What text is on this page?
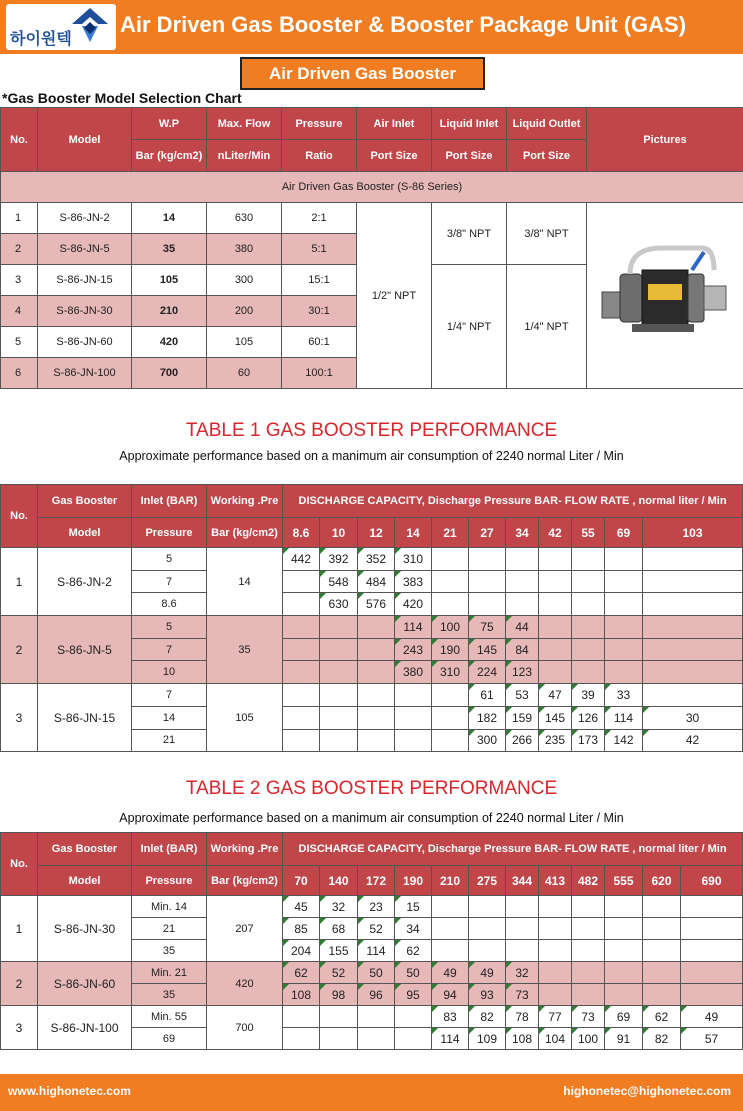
하이원텍
Air Driven Gas Booster & Booster Package Unit (GAS)
Air Driven Gas Booster
*Gas Booster Model Selection Chart
No.	Model	W.P	Max. Flow	Pressure	Air Inlet	Liquid Inlet	Liquid Outlet	Pictures
		Bar (kg/cm2)	nLiter/Min	Ratio	Port Size	Port Size	Port Size	
Air Driven Gas Booster (S-86 Series)								
1	S-86-JN-2	14	630	2:1	1/2" NPT	3/8" NPT	3/8" NPT	
2	S-86-JN-5	35	380	5:1				
3	S-86-JN-15	105	300	15:1		1/4" NPT	1/4" NPT	
4	S-86-JN-30	210	200	30:1				
5	S-86-JN-60	420	105	60:1				
6	S-86-JN-100	700	60	100:1				
TABLE 1 GAS BOOSTER PERFORMANCE
Approximate performance based on a manimum air consumption of 2240 normal Liter / Min
No.	Gas Booster	Inlet (BAR)	Working .Pre	DISCHARGE CAPACITY, Discharge Pressure BAR- FLOW RATE , normal liter / Min										
	Model	Pressure	Bar (kg/cm2)	8.6	10	12	14	21	27	34	42	55	69	103
1	S-86-JN-2	5	14	442	392	352	310							
		7			548	484	383							
		8.6			630	576	420							
2	S-86-JN-5	5	35				114	100	75	44				
		7					243	190	145	84				
		10					380	310	224	123				
3	S-86-JN-15	7	105						61	53	47	39	33	
		14							182	159	145	126	114	30
		21							300	266	235	173	142	42
TABLE 2 GAS BOOSTER PERFORMANCE
Approximate performance based on a manimum air consumption of 2240 normal Liter / Min
No.	Gas Booster	Inlet (BAR)	Working .Pre	DISCHARGE CAPACITY, Discharge Pressure BAR- FLOW RATE , normal liter / Min											
	Model	Pressure	Bar (kg/cm2)	70	140	172	190	210	275	344	413	482	555	620	690
1	S-86-JN-30	Min. 14	207	45	32	23	15								
		21		85	68	52	34								
		35		204	155	114	62								
2	S-86-JN-60	Min. 21	420	62	52	50	50	49	49	32					
		35		108	98	96	95	94	93	73					
3	S-86-JN-100	Min. 55	700					83	82	78	77	73	69	62	49
		69						114	109	108	104	100	91	82	57
www.highonetec.com	highonetec@highonetec.com
